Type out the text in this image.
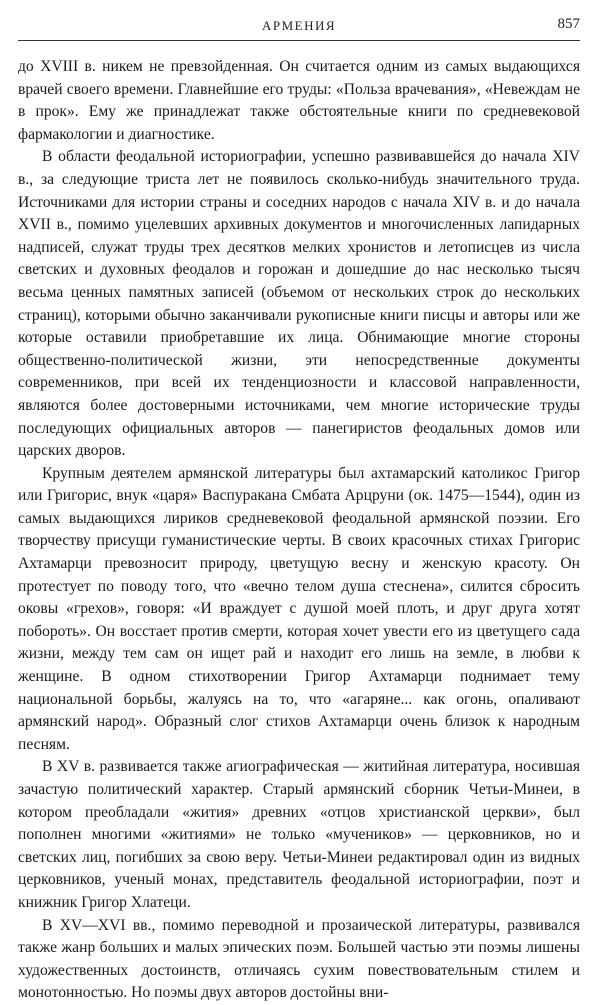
АРМЕНИЯ	857

до XVIII в. никем не превзойденная. Он считается одним из самых выдающихся врачей своего времени. Главнейшие его труды: «Польза врачевания», «Невеждам не в прок». Ему же принадлежат также обстоятельные книги по средневековой фармакологии и диагностике.

В области феодальной историографии, успешно развивавшейся до начала XIV в., за следующие триста лет не появилось сколько-нибудь значительного труда. Источниками для истории страны и соседних народов с начала XIV в. и до начала XVII в., помимо уцелевших архивных документов и многочисленных лапидарных надписей, служат труды трех десятков мелких хронистов и летописцев из числа светских и духовных феодалов и горожан и дошедшие до нас несколько тысяч весьма ценных памятных записей (объемом от нескольких строк до нескольких страниц), которыми обычно заканчивали рукописные книги писцы и авторы или же которые оставили приобретавшие их лица. Обнимающие многие стороны общественно-политической жизни, эти непосредственные документы современников, при всей их тенденциозности и классовой направленности, являются более достоверными источниками, чем многие исторические труды последующих официальных авторов — панегиристов феодальных домов или царских дворов.

Крупным деятелем армянской литературы был ахтамарский католикос Григор или Григорис, внук «царя» Васпуракана Смбата Арцруни (ок. 1475—1544), один из самых выдающихся лириков средневековой феодальной армянской поэзии. Его творчеству присущи гуманистические черты. В своих красочных стихах Григорис Ахтамарци превозносит природу, цветущую весну и женскую красоту. Он протестует по поводу того, что «вечно телом душа стеснена», силится сбросить оковы «грехов», говоря: «И враждует с душой моей плоть, и друг друга хотят побороть». Он восстает против смерти, которая хочет увести его из цветущего сада жизни, между тем сам он ищет рай и находит его лишь на земле, в любви к женщине. В одном стихотворении Григор Ахтамарци поднимает тему национальной борьбы, жалуясь на то, что «агаряне... как огонь, опаливают армянский народ». Образный слог стихов Ахтамарци очень близок к народным песням.

В XV в. развивается также агиографическая — житийная литература, носившая зачастую политический характер. Старый армянский сборник Четьи-Минеи, в котором преобладали «жития» древних «отцов христианской церкви», был пополнен многими «житиями» не только «мучеников» — церковников, но и светских лиц, погибших за свою веру. Четьи-Минеи редактировал один из видных церковников, ученый монах, представитель феодальной историографии, поэт и книжник Григор Хлатеци.

В XV—XVI вв., помимо переводной и прозаической литературы, развивался также жанр больших и малых эпических поэм. Большей частью эти поэмы лишены художественных достоинств, отличаясь сухим повествовательным стилем и монотонностью. Но поэмы двух авторов достойны вни-
